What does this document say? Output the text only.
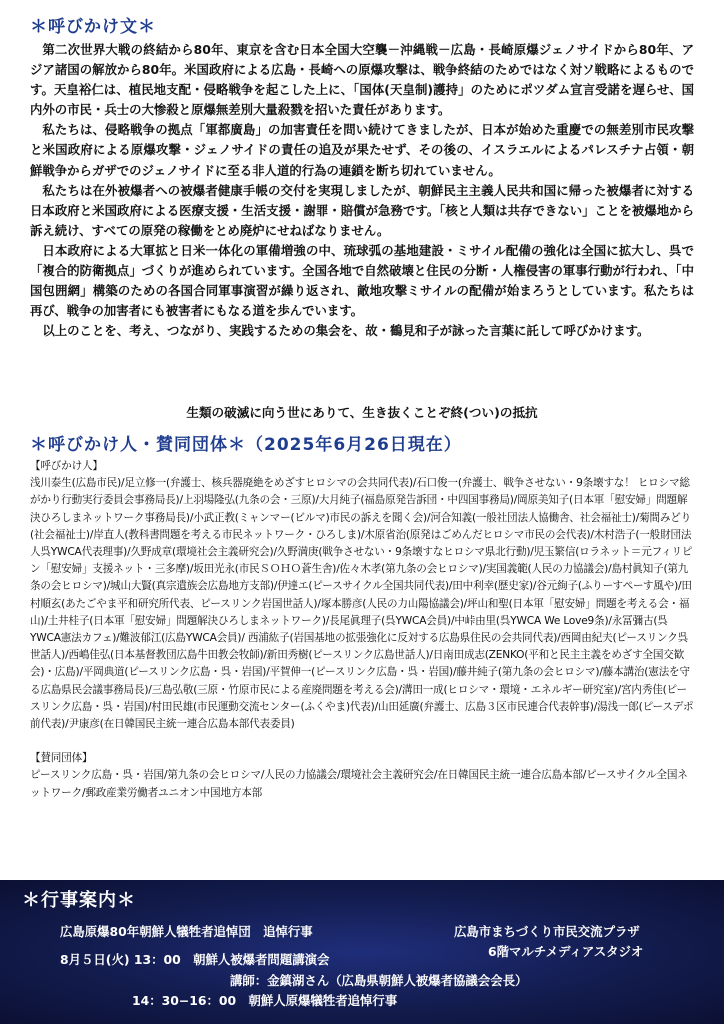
＊呼びかけ文＊

第二次世界大戦の終結から80年、東京を含む日本全国大空襲－沖縄戦－広島・長崎原爆ジェノサイドから80年、アジア諸国の解放から80年。米国政府による広島・長崎への原爆攻撃は、戦争終結のためではなく対ソ戦略によるものです。天皇裕仁は、植民地支配・侵略戦争を起こした上に、「国体(天皇制)護持」のためにポツダム宣言受諾を遅らせ、国内外の市民・兵士の大惨殺と原爆無差別大量殺戮を招いた責任があります。

私たちは、侵略戦争の拠点「軍都廣島」の加害責任を問い続けてきましたが、日本が始めた重慶での無差別市民攻撃と米国政府による原爆攻撃・ジェノサイドの責任の追及が果たせず、その後の、イスラエルによるパレスチナ占領・朝鮮戦争からガザでのジェノサイドに至る非人道的行為の連鎖を断ち切れていません。

私たちは在外被爆者への被爆者健康手帳の交付を実現しましたが、朝鮮民主主義人民共和国に帰った被爆者に対する日本政府と米国政府による医療支援・生活支援・謝罪・賠償が急務です。「核と人類は共存できない」ことを被爆地から訴え続け、すべての原発の稼働をとめ廃炉にせねばなりません。

日本政府による大軍拡と日米一体化の軍備増強の中、琉球弧の基地建設・ミサイル配備の強化は全国に拡大し、呉で「複合的防衛拠点」づくりが進められています。全国各地で自然破壊と住民の分断・人権侵害の軍事行動が行われ、「中国包囲網」構築のための各国合同軍事演習が繰り返され、敵地攻撃ミサイルの配備が始まろうとしています。私たちは再び、戦争の加害者にも被害者にもなる道を歩んでいます。

以上のことを、考え、つながり、実践するための集会を、故・鶴見和子が詠った言葉に託して呼びかけます。

生類の破滅に向う世にありて、生き抜くことぞ終(つい)の抵抗
＊呼びかけ人・賛同団体＊（2025年6月26日現在）
【呼びかけ人】
浅川泰生(広島市民)/足立修一(弁護士、核兵器廃絶をめざすヒロシマの会共同代表)/石口俊一(弁護士、戦争させない・9条壊すな！ ヒロシマ総がかり行動実行委員会事務局長)/上羽場隆弘(九条の会・三原)/大月純子(福島原発告訴団・中四国事務局)/岡原美知子(日本軍「慰安婦」問題解決ひろしまネットワーク事務局長)/小武正教(ミャンマー(ビルマ)市民の訴えを聞く会)/河合知義(一般社団法人協働舎、社会福祉士)/菊間みどり(社会福祉士)/岸直人(教科書問題を考える市民ネットワーク・ひろしま)/木原省治(原発はごめんだヒロシマ市民の会代表)/木村浩子(一般財団法人呉YWCA代表理事)/久野成章(環境社会主義研究会)/久野満庚(戦争させない・9条壊すなヒロシマ県北行動)/児玉繁信(ロラネット＝元フィリピン「慰安婦」支援ネット・三多摩)/坂田光永(市民ＳＯＨＯ蒼生舎)/佐々木孝(第九条の会ヒロシマ)/実国義範(人民の力協議会)/島村眞知子(第九条の会ヒロシマ)/城山大賢(真宗遺族会広島地方支部)/伊達エ(ピースサイクル全国共同代表)/田中利幸(歴史家)/谷元絢子(ふりーすぺーす風や)/田村順玄(あたごやま平和研究所代表、ピースリンク岩国世話人)/塚本勝彦(人民の力山陽協議会)/坪山和聖(日本軍「慰安婦」問題を考える会・福山)/土井桂子(日本軍「慰安婦」問題解決ひろしまネットワーク)/長尾眞理子(呉YWCA会員)/中峠由里(呉YWCA We Love9条)/永冨彌古(呉YWCA憲法カフェ)/難波郁江(広島YWCA会員)/ 西浦紘子(岩国基地の拡張強化に反対する広島県住民の会共同代表)/西岡由紀夫(ピースリンク呉世話人)/西嶋佳弘(日本基督教団広島牛田教会牧師)/新田秀樹(ピースリンク広島世話人)/日南田成志(ZENKO(平和と民主主義をめざす全国交歓会)・広島)/平岡典道(ピースリンク広島・呉・岩国)/平賀伸一(ピースリンク広島・呉・岩国)/藤井純子(第九条の会ヒロシマ)/藤本講治(憲法を守る広島県民会議事務局長)/三島弘敬(三原・竹原市民による産廃問題を考える会)/溝田一成(ヒロシマ・環境・エネルギー研究室)/宮内秀佳(ピースリンク広島・呉・岩国)/村田民雄(市民運動交流センター(ふくやま)代表)/山田延廣(弁護士、広島３区市民連合代表幹事)/湯浅一郎(ピースデポ前代表)/尹康彦(在日韓国民主統一連合広島本部代表委員)
【賛同団体】
ピースリンク広島・呉・岩国/第九条の会ヒロシマ/人民の力協議会/環境社会主義研究会/在日韓国民主統一連合広島本部/ピースサイクル全国ネットワーク/郵政産業労働者ユニオン中国地方本部
＊行事案内＊
広島原爆80年朝鮮人犠牲者追悼団　追悼行事	広島市まちづくり市民交流プラザ
6階マルチメディアスタジオ
8月５日(火) 13：00　朝鮮人被爆者問題講演会
講師：金鎮湖さん（広島県朝鮮人被爆者協議会会長）
14：30−16：00　朝鮮人原爆犠牲者追悼行事
